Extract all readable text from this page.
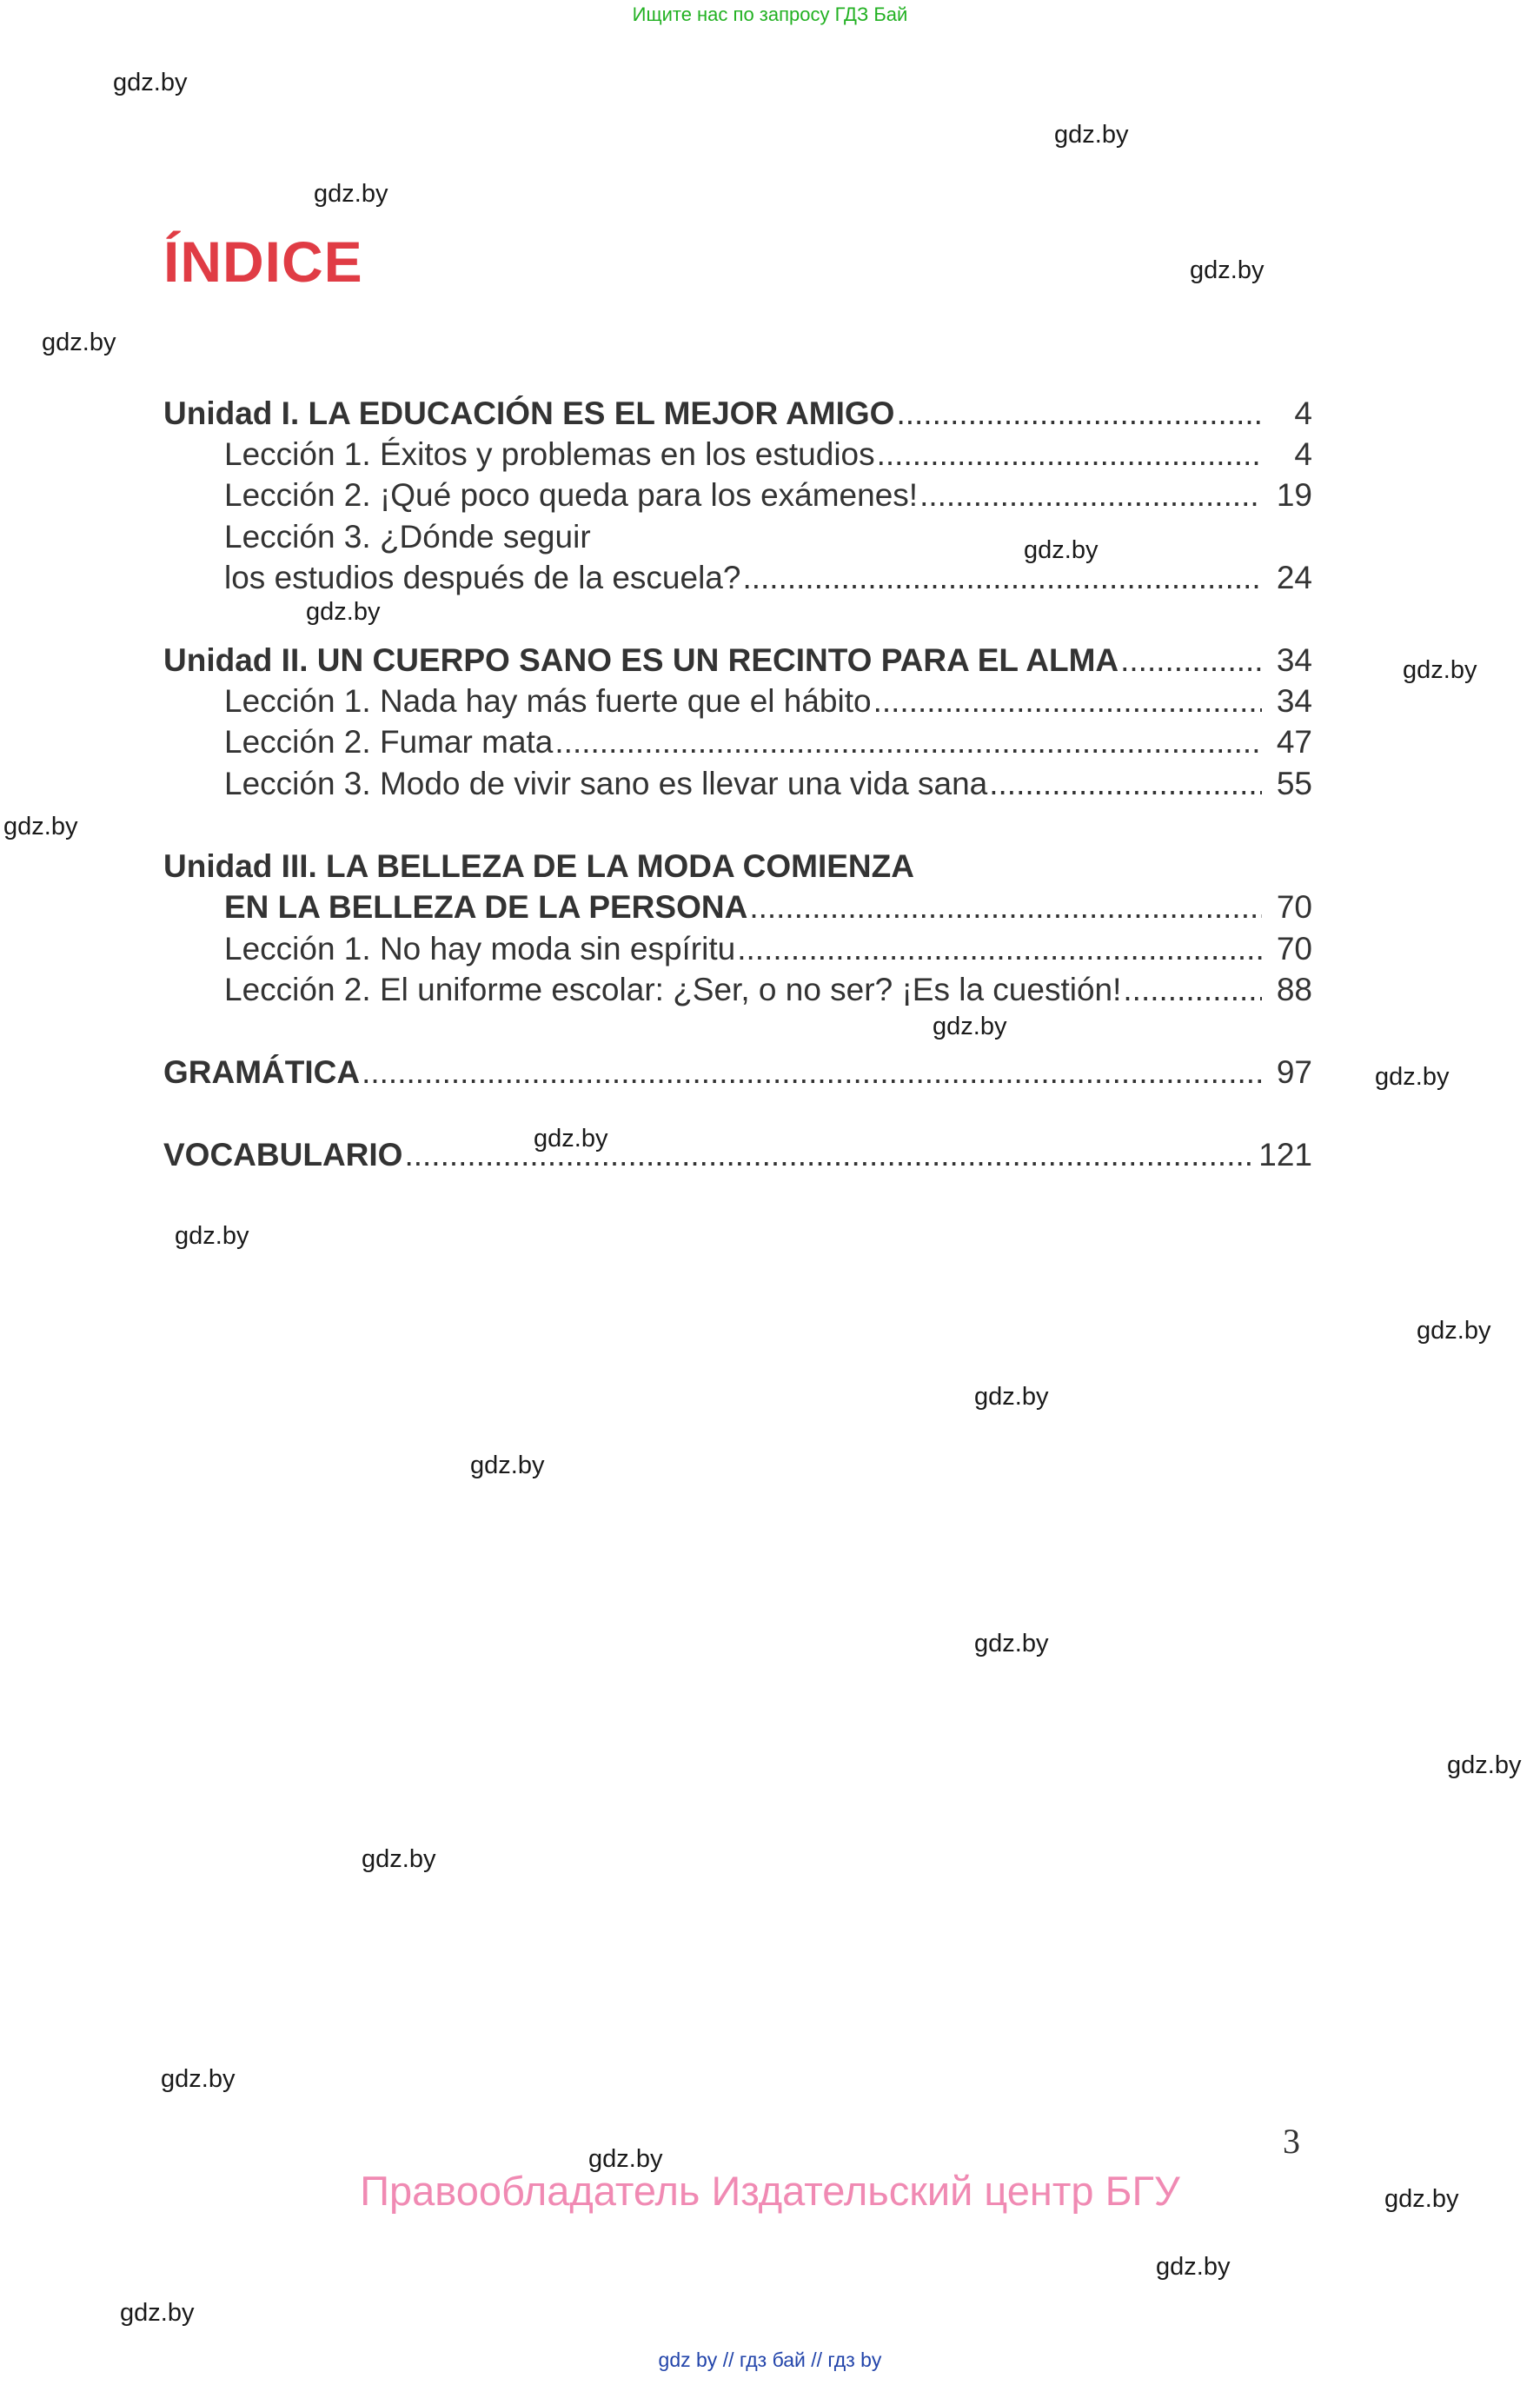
Ищите нас по запросу ГДЗ Бай
gdz.by
gdz.by
gdz.by
gdz.by
gdz.by
gdz.by
gdz.by
gdz.by
gdz.by
gdz.by
gdz.by
gdz.by
gdz.by
gdz.by
gdz.by
gdz.by
gdz.by
gdz.by
gdz.by
gdz.by
gdz.by
gdz.by
gdz.by
gdz.by
ÍNDICE
Unidad I. LA EDUCACIÓN ES EL MEJOR AMIGO .....	4
Lección 1. Éxitos y problemas en los estudios .....	4
Lección 2. ¡Qué poco queda para los exámenes! .....	19
Lección 3. ¿Dónde seguir
los estudios después de la escuela? .....	24
Unidad II. UN CUERPO SANO ES UN RECINTO PARA EL ALMA .....	34
Lección 1. Nada hay más fuerte que el hábito .....	34
Lección 2. Fumar mata .....	47
Lección 3. Modo de vivir sano es llevar una vida sana .....	55
Unidad III. LA BELLEZA DE LA MODA COMIENZA
EN LA BELLEZA DE LA PERSONA .....	70
Lección 1. No hay moda sin espíritu .....	70
Lección 2. El uniforme escolar: ¿Ser, o no ser? ¡Es la cuestión! .....	88
GRAMÁTICA .....	97
VOCABULARIO .....	121
3
Правообладатель Издательский центр БГУ
gdz by // гдз бай // гдз by
